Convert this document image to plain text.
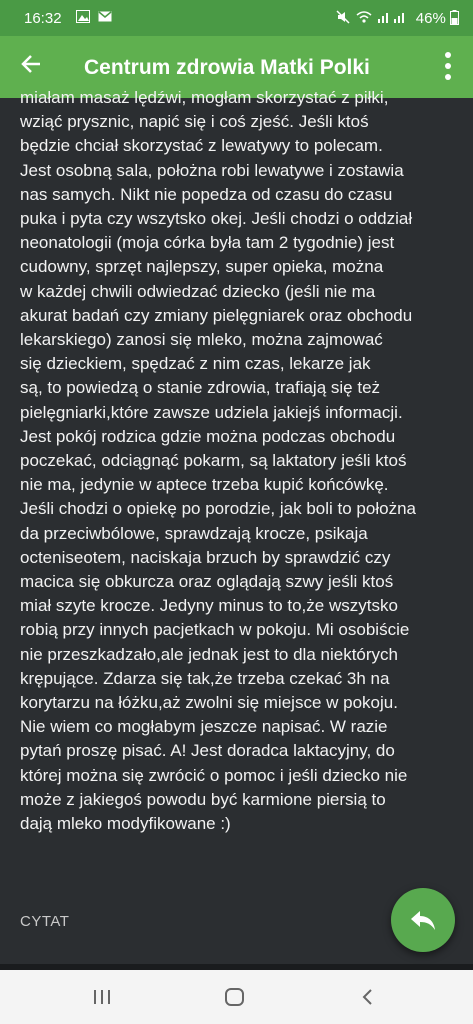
16:32

	46%
Centrum zdrowia Matki Polki
miałam masaż lędźwi, mogłam skorzystać z piłki,
wziąć prysznic, napić się i coś zjeść. Jeśli ktoś
będzie chciał skorzystać z lewatywy to polecam.
Jest osobną sala, położna robi lewatywe i zostawia
nas samych. Nikt nie popedza od czasu do czasu
puka i pyta czy wszytsko okej. Jeśli chodzi o oddział
neonatologii (moja córka była tam 2 tygodnie) jest
cudowny, sprzęt najlepszy, super opieka, można
w każdej chwili odwiedzać dziecko (jeśli nie ma
akurat badań czy zmiany pielęgniarek oraz obchodu
lekarskiego) zanosi się mleko, można zajmować
się dzieckiem, spędzać z nim czas, lekarze jak
są, to powiedzą o stanie zdrowia, trafiają się też
pielęgniarki,które zawsze udziela jakiejś informacji.
Jest pokój rodzica gdzie można podczas obchodu
poczekać, odciągnąć pokarm, są laktatory jeśli ktoś
nie ma, jedynie w aptece trzeba kupić końcówkę.
Jeśli chodzi o opiekę po porodzie, jak boli to położna
da przeciwbólowe, sprawdzają krocze, psikaja
octeniseotem, naciskaja brzuch by sprawdzić czy
macica się obkurcza oraz oglądają szwy jeśli ktoś
miał szyte krocze. Jedyny minus to to,że wszytsko
robią przy innych pacjetkach w pokoju. Mi osobiście
nie przeszkadzało,ale jednak jest to dla niektórych
krępujące. Zdarza się tak,że trzeba czekać 3h na
korytarzu na łóżku,aż zwolni się miejsce w pokoju.
Nie wiem co mogłabym jeszcze napisać. W razie
pytań proszę pisać. A! Jest doradca laktacyjny, do
której można się zwrócić o pomoc i jeśli dziecko nie
może z jakiegoś powodu być karmione piersią to
dają mleko modyfikowane :)
CYTAT
